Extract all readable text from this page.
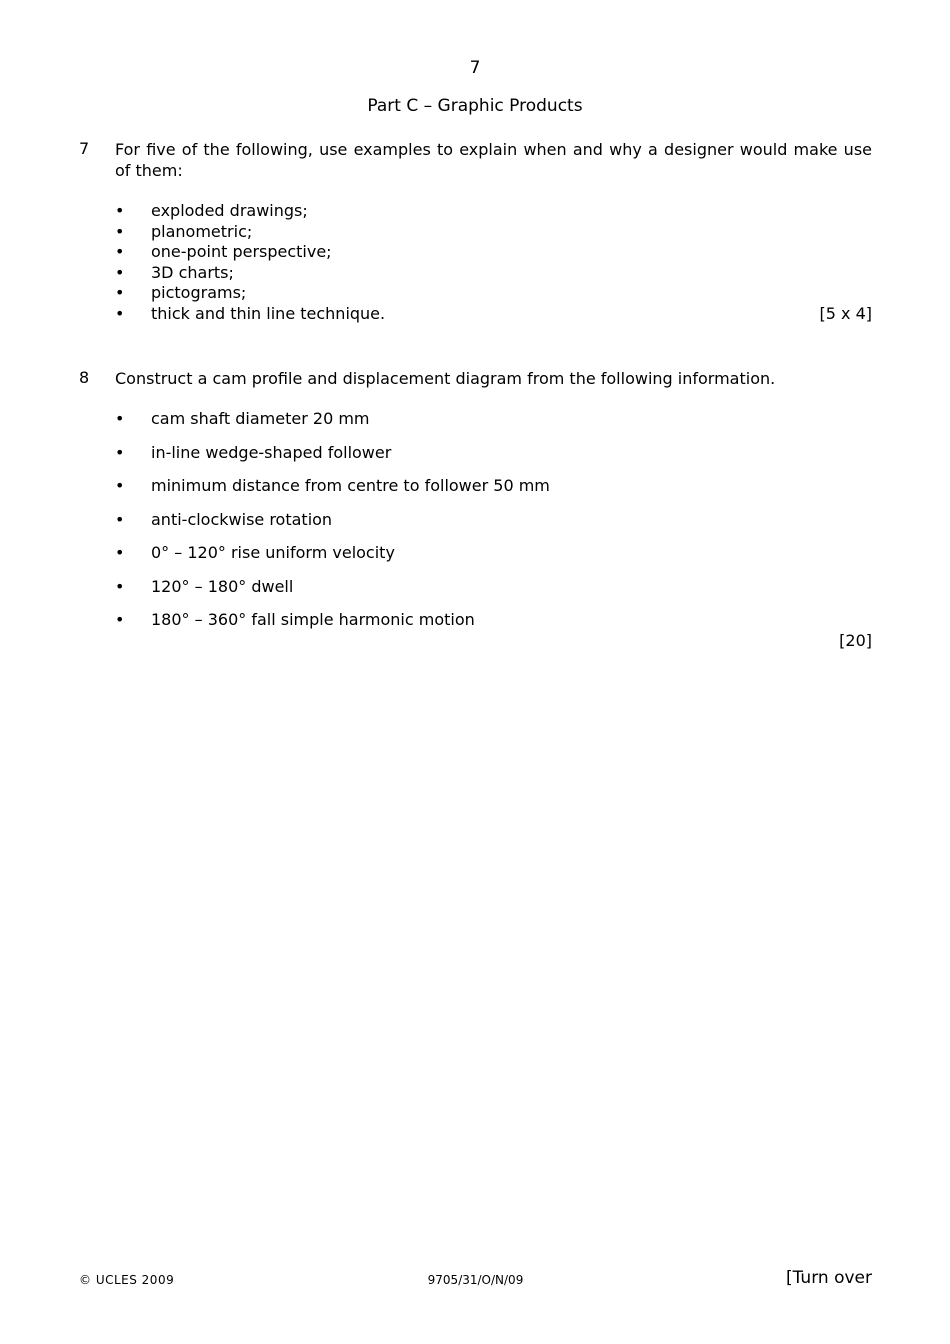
7
Part C – Graphic Products
7 For five of the following, use examples to explain when and why a designer would make use of them:
• exploded drawings;
• planometric;
• one-point perspective;
• 3D charts;
• pictograms;
• thick and thin line technique.	[5 x 4]
8 Construct a cam profile and displacement diagram from the following information.
• cam shaft diameter 20 mm
• in-line wedge-shaped follower
• minimum distance from centre to follower 50 mm
• anti-clockwise rotation
• 0° – 120° rise uniform velocity
• 120° – 180° dwell
• 180° – 360° fall simple harmonic motion
[20]
© UCLES 2009	9705/31/O/N/09	[Turn over
